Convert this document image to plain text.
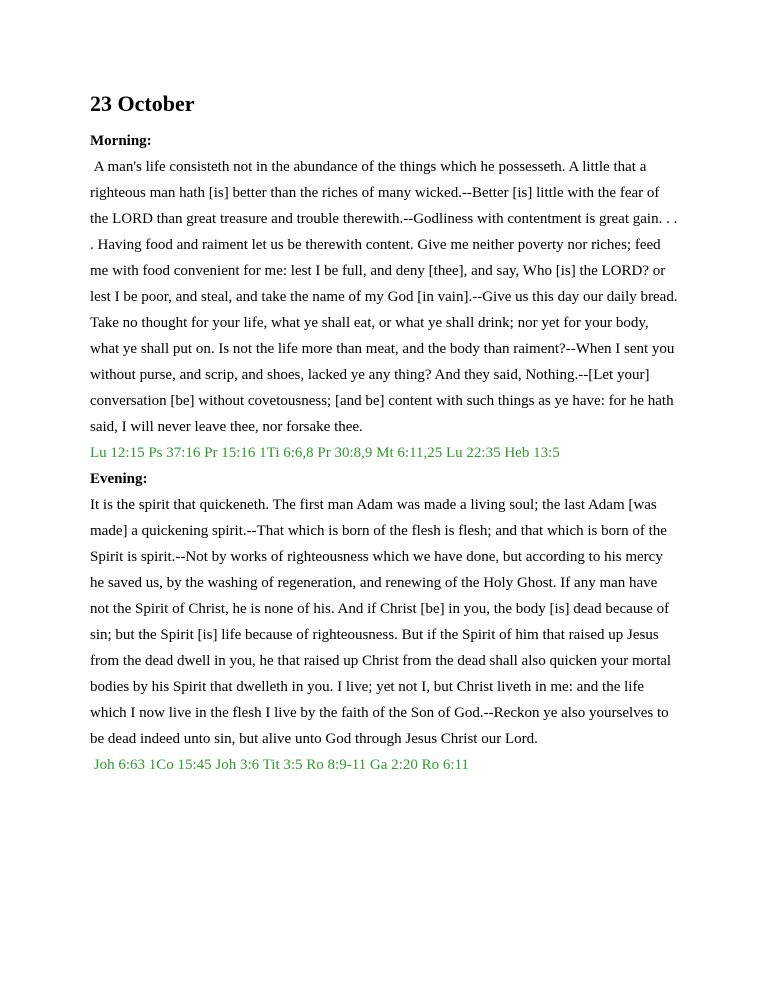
23 October

Morning:

A man's life consisteth not in the abundance of the things which he possesseth. A little that a righteous man hath [is] better than the riches of many wicked.--Better [is] little with the fear of the LORD than great treasure and trouble therewith.--Godliness with contentment is great gain. . . . Having food and raiment let us be therewith content. Give me neither poverty nor riches; feed me with food convenient for me: lest I be full, and deny [thee], and say, Who [is] the LORD? or lest I be poor, and steal, and take the name of my God [in vain].--Give us this day our daily bread. Take no thought for your life, what ye shall eat, or what ye shall drink; nor yet for your body, what ye shall put on. Is not the life more than meat, and the body than raiment?--When I sent you without purse, and scrip, and shoes, lacked ye any thing? And they said, Nothing.--[Let your] conversation [be] without covetousness; [and be] content with such things as ye have: for he hath said, I will never leave thee, nor forsake thee.

Lu 12:15 Ps 37:16 Pr 15:16 1Ti 6:6,8 Pr 30:8,9 Mt 6:11,25 Lu 22:35 Heb 13:5

Evening:

It is the spirit that quickeneth. The first man Adam was made a living soul; the last Adam [was made] a quickening spirit.--That which is born of the flesh is flesh; and that which is born of the Spirit is spirit.--Not by works of righteousness which we have done, but according to his mercy he saved us, by the washing of regeneration, and renewing of the Holy Ghost. If any man have not the Spirit of Christ, he is none of his. And if Christ [be] in you, the body [is] dead because of sin; but the Spirit [is] life because of righteousness. But if the Spirit of him that raised up Jesus from the dead dwell in you, he that raised up Christ from the dead shall also quicken your mortal bodies by his Spirit that dwelleth in you. I live; yet not I, but Christ liveth in me: and the life which I now live in the flesh I live by the faith of the Son of God.--Reckon ye also yourselves to be dead indeed unto sin, but alive unto God through Jesus Christ our Lord.

Joh 6:63 1Co 15:45 Joh 3:6 Tit 3:5 Ro 8:9-11 Ga 2:20 Ro 6:11
